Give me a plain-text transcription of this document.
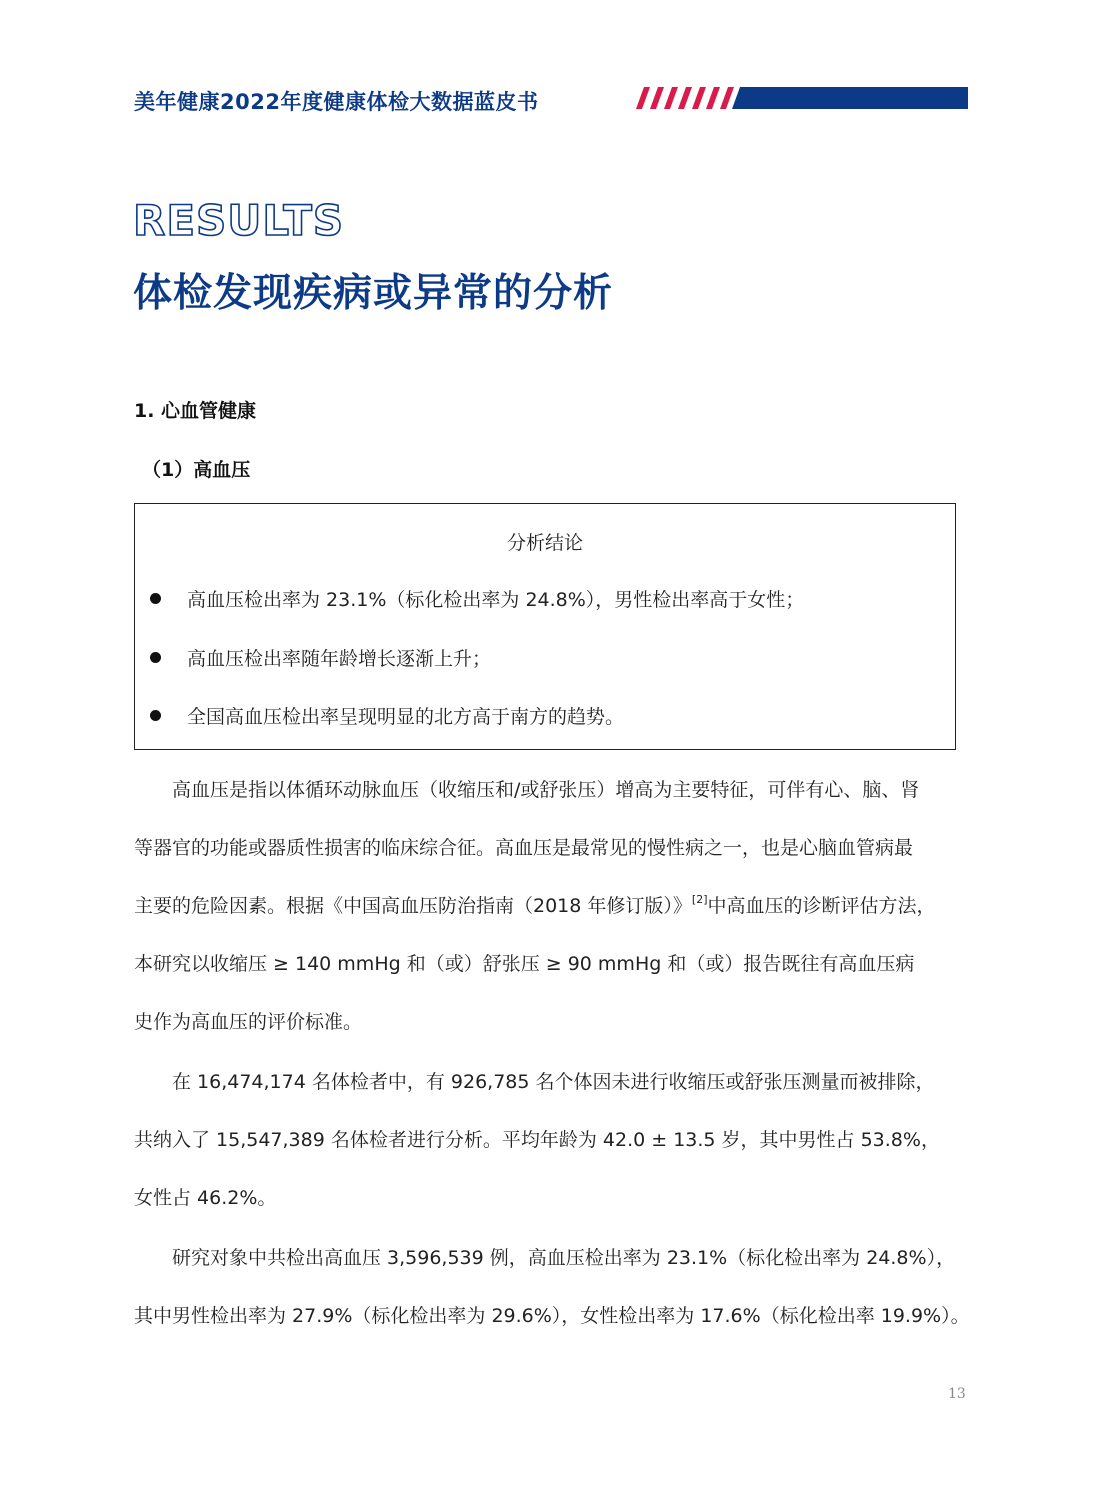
美年健康2022年度健康体检大数据蓝皮书
RESULTS
体检发现疾病或异常的分析
1. 心血管健康
（1）高血压
分析结论
高血压检出率为 23.1%（标化检出率为 24.8%），男性检出率高于女性；
高血压检出率随年龄增长逐渐上升；
全国高血压检出率呈现明显的北方高于南方的趋势。
高血压是指以体循环动脉血压（收缩压和/或舒张压）增高为主要特征，可伴有心、脑、肾
等器官的功能或器质性损害的临床综合征。高血压是最常见的慢性病之一，也是心脑血管病最
主要的危险因素。根据《中国高血压防治指南（2018 年修订版）》[2]中高血压的诊断评估方法，
本研究以收缩压 ≥ 140 mmHg 和（或）舒张压 ≥ 90 mmHg 和（或）报告既往有高血压病
史作为高血压的评价标准。
在 16,474,174 名体检者中，有 926,785 名个体因未进行收缩压或舒张压测量而被排除，
共纳入了 15,547,389 名体检者进行分析。平均年龄为 42.0 ± 13.5 岁，其中男性占 53.8%，
女性占 46.2%。
研究对象中共检出高血压 3,596,539 例，高血压检出率为 23.1%（标化检出率为 24.8%），
其中男性检出率为 27.9%（标化检出率为 29.6%），女性检出率为 17.6%（标化检出率 19.9%）。
13
